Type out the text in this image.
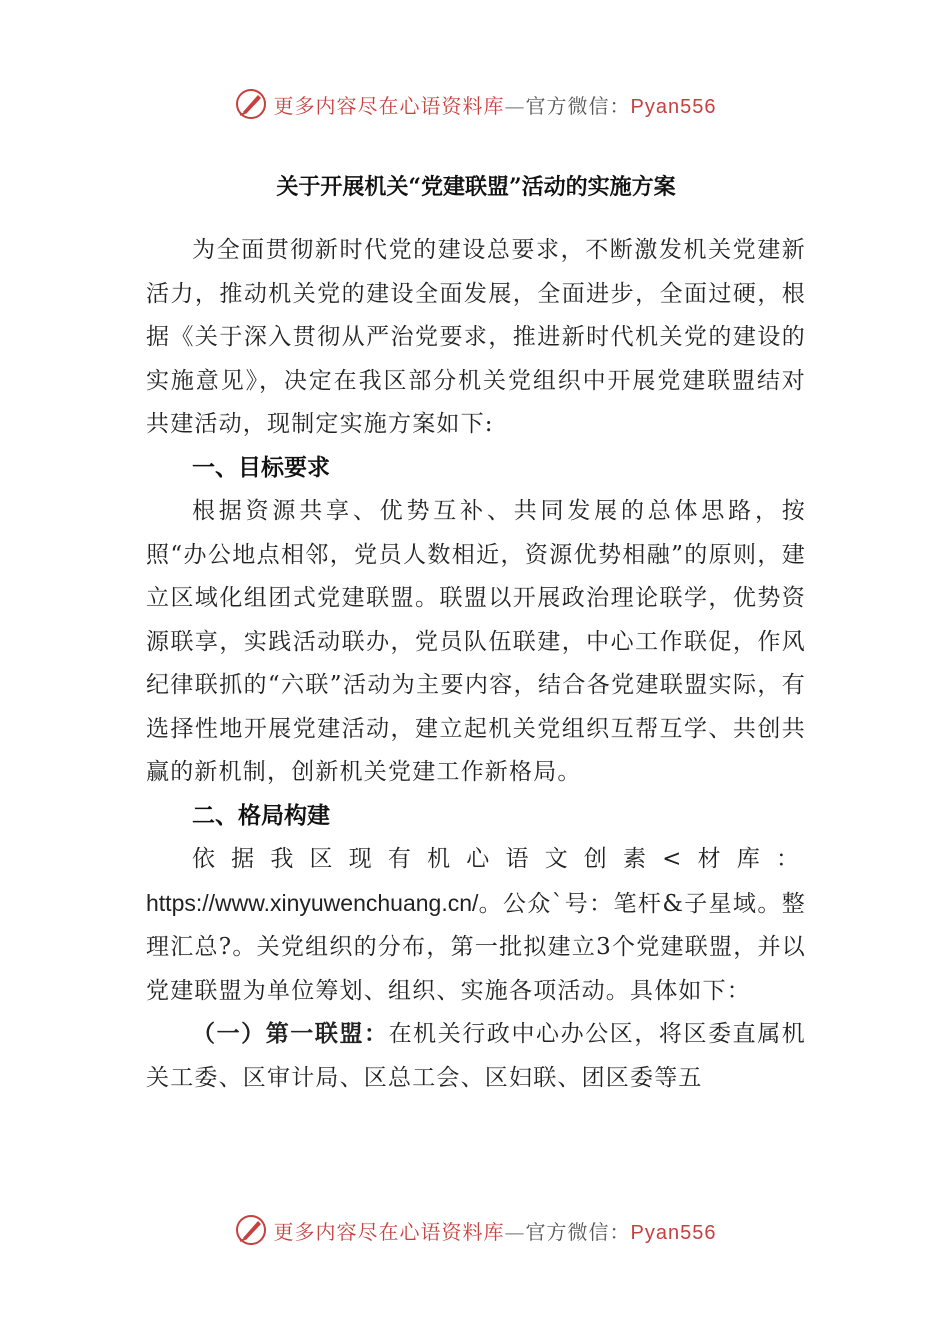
更多内容尽在心语资料库—官方微信：Pyan556
关于开展机关“党建联盟”活动的实施方案

为全面贯彻新时代党的建设总要求，不断激发机关党建新活力，推动机关党的建设全面发展，全面进步，全面过硬，根据《关于深入贯彻从严治党要求，推进新时代机关党的建设的实施意见》，决定在我区部分机关党组织中开展党建联盟结对共建活动，现制定实施方案如下:

一、目标要求

根据资源共享、优势互补、共同发展的总体思路，按照“办公地点相邻，党员人数相近，资源优势相融”的原则，建立区域化组团式党建联盟。联盟以开展政治理论联学，优势资源联享，实践活动联办，党员队伍联建，中心工作联促，作风纪律联抓的“六联”活动为主要内容，结合各党建联盟实际，有选择性地开展党建活动，建立起机关党组织互帮互学、共创共赢的新机制，创新机关党建工作新格局。

二、格局构建

依据我区现有机心语文创素<材库：https://www.xinyuwenchuang.cn/。公众`号：笔杆&子星域。整理汇总?。关党组织的分布，第一批拟建立3个党建联盟，并以党建联盟为单位筹划、组织、实施各项活动。具体如下：

（一）第一联盟：在机关行政中心办公区，将区委直属机关工委、区审计局、区总工会、区妇联、团区委等五

更多内容尽在心语资料库—官方微信：Pyan556
